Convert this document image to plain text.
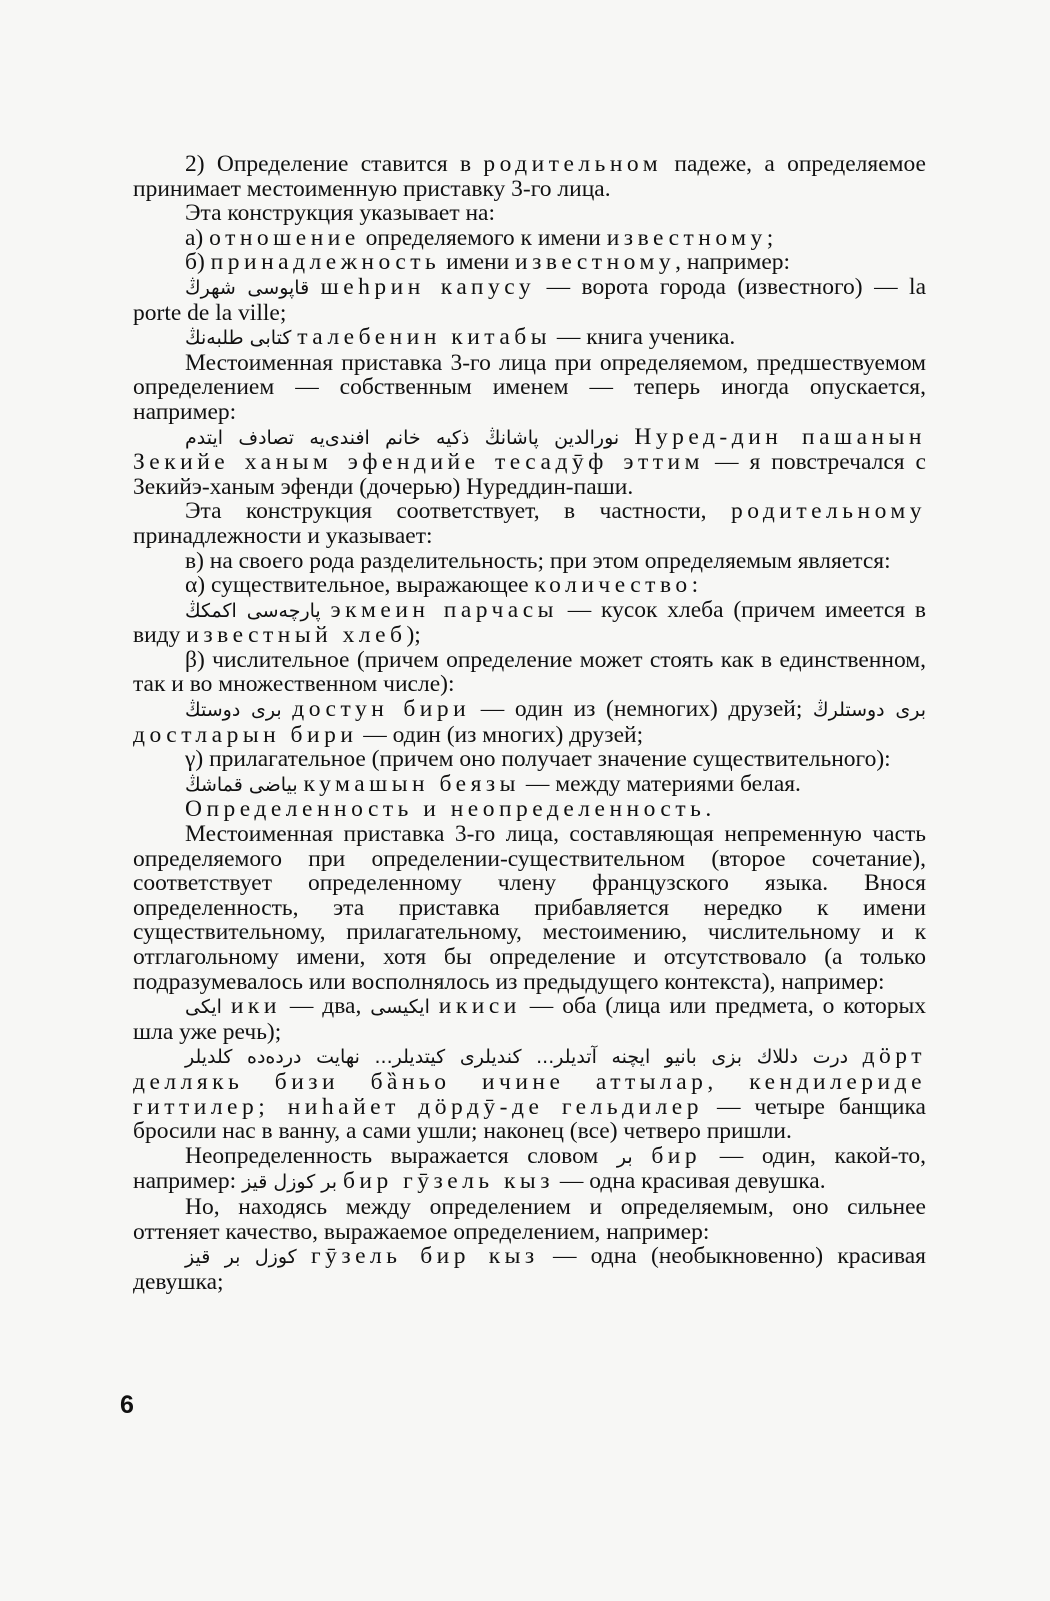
2) Определение ставится в родительном падеже, а определяемое принимает местоименную приставку 3-го лица.

Эта конструкция указывает на:

а) отношение определяемого к имени известному;

б) принадлежность имени известному, например:

قاپوسی شهرڭ шеhрин капусу — ворота города (известного) — la porte de la ville;

کتابی طلبه‌نڭ талебенин китабы — книга ученика.

Местоименная приставка 3-го лица при определяемом, предшествуемом определением — собственным именем — теперь иногда опускается, например:

نورالدین پاشانڭ ذکیه خانم افندی‌یه تصادف ایتدم Нуред-дин пашанын Зекийе ханым эфендийе тесадӯф эттим — я повстречался с Зекийэ-ханым эфенди (дочерью) Нуреддин-паши.

Эта конструкция соответствует, в частности, родительному принадлежности и указывает:

в) на своего рода разделительность; при этом определяемым является:

α) существительное, выражающее количество:

پارچه‌سی اکمکڭ экмеин парчасы — кусок хлеба (причем имеется в виду известный хлеб);

β) числительное (причем определение может стоять как в единственном, так и во множественном числе):

بری دوستڭ достун бири — один из (немногих) друзей; بری دوستلرڭ достларын бири — один (из многих) друзей;

γ) прилагательное (причем оно получает значение существительного):

بیاضی قماشڭ кумашын беязы — между материями белая.

Определенность и неопределенность.

Местоименная приставка 3-го лица, составляющая непременную часть определяемого при определении-существительном (второе сочетание), соответствует определенному члену французского языка. Внося определенность, эта приставка прибавляется нередко к имени существительному, прилагательному, местоимению, числительному и к отглагольному имени, хотя бы определение и отсутствовало (а только подразумевалось или восполнялось из предыдущего контекста), например:

ایکی ики — два, ایکیسی икиси — оба (лица или предмета, о которых шла уже речь);

درت دللاك بزی بانیو ایچنه آتدیلر... کندیلری کیتدیلر... نهایت درده‌ده کلدیلر дӧрт деллякь бизи бȁньо ичине аттылар, кендилериде гиттилер; ниhайет дӧрдӯ-де гельдилер — четыре банщика бросили нас в ванну, а сами ушли; наконец (все) четверо пришли.

Неопределенность выражается словом بر бир — один, какой-то, например: بر کوزل قیز бир гӯзель кыз — одна красивая девушка.

Но, находясь между определением и определяемым, оно сильнее оттеняет качество, выражаемое определением, например:

کوزل بر قیز гӯзель бир кыз — одна (необыкновенно) красивая девушка;

6
